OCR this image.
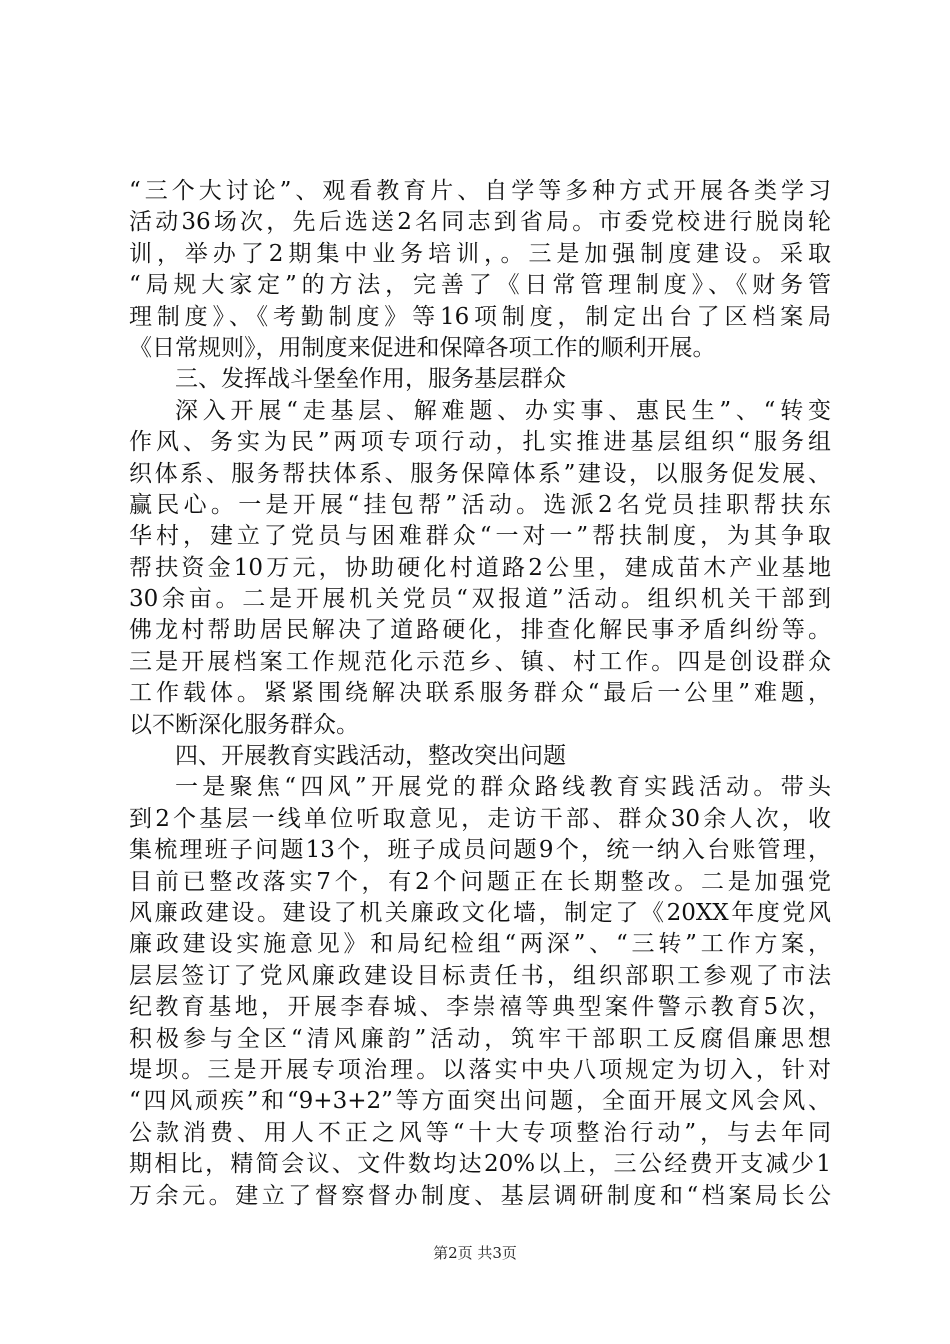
“三个大讨论”、观看教育片、自学等多种方式开展各类学习
活动36场次，先后选送2名同志到省局。市委党校进行脱岗轮
训，举办了2期集中业务培训，。三是加强制度建设。采取
“局规大家定”的方法，完善了《日常管理制度》、《财务管
理制度》、《考勤制度》等16项制度，制定出台了区档案局
《日常规则》，用制度来促进和保障各项工作的顺利开展。
三、发挥战斗堡垒作用，服务基层群众
深入开展“走基层、解难题、办实事、惠民生”、“转变
作风、务实为民”两项专项行动，扎实推进基层组织“服务组
织体系、服务帮扶体系、服务保障体系”建设，以服务促发展、
赢民心。一是开展“挂包帮”活动。选派2名党员挂职帮扶东
华村，建立了党员与困难群众“一对一”帮扶制度，为其争取
帮扶资金10万元，协助硬化村道路2公里，建成苗木产业基地
30余亩。二是开展机关党员“双报道”活动。组织机关干部到
佛龙村帮助居民解决了道路硬化，排查化解民事矛盾纠纷等。
三是开展档案工作规范化示范乡、镇、村工作。四是创设群众
工作载体。紧紧围绕解决联系服务群众“最后一公里”难题，
以不断深化服务群众。
四、开展教育实践活动，整改突出问题
一是聚焦“四风”开展党的群众路线教育实践活动。带头
到2个基层一线单位听取意见，走访干部、群众30余人次，收
集梳理班子问题13个，班子成员问题9个，统一纳入台账管理，
目前已整改落实7个，有2个问题正在长期整改。二是加强党
风廉政建设。建设了机关廉政文化墙，制定了《20XX年度党风
廉政建设实施意见》和局纪检组“两深”、“三转”工作方案，
层层签订了党风廉政建设目标责任书，组织部职工参观了市法
纪教育基地，开展李春城、李崇禧等典型案件警示教育5次，
积极参与全区“清风廉韵”活动，筑牢干部职工反腐倡廉思想
堤坝。三是开展专项治理。以落实中央八项规定为切入，针对
“四风顽疾”和“9+3+2”等方面突出问题，全面开展文风会风、
公款消费、用人不正之风等“十大专项整治行动”，与去年同
期相比，精简会议、文件数均达20%以上，三公经费开支减少1
万余元。建立了督察督办制度、基层调研制度和“档案局长公
第2页 共3页
